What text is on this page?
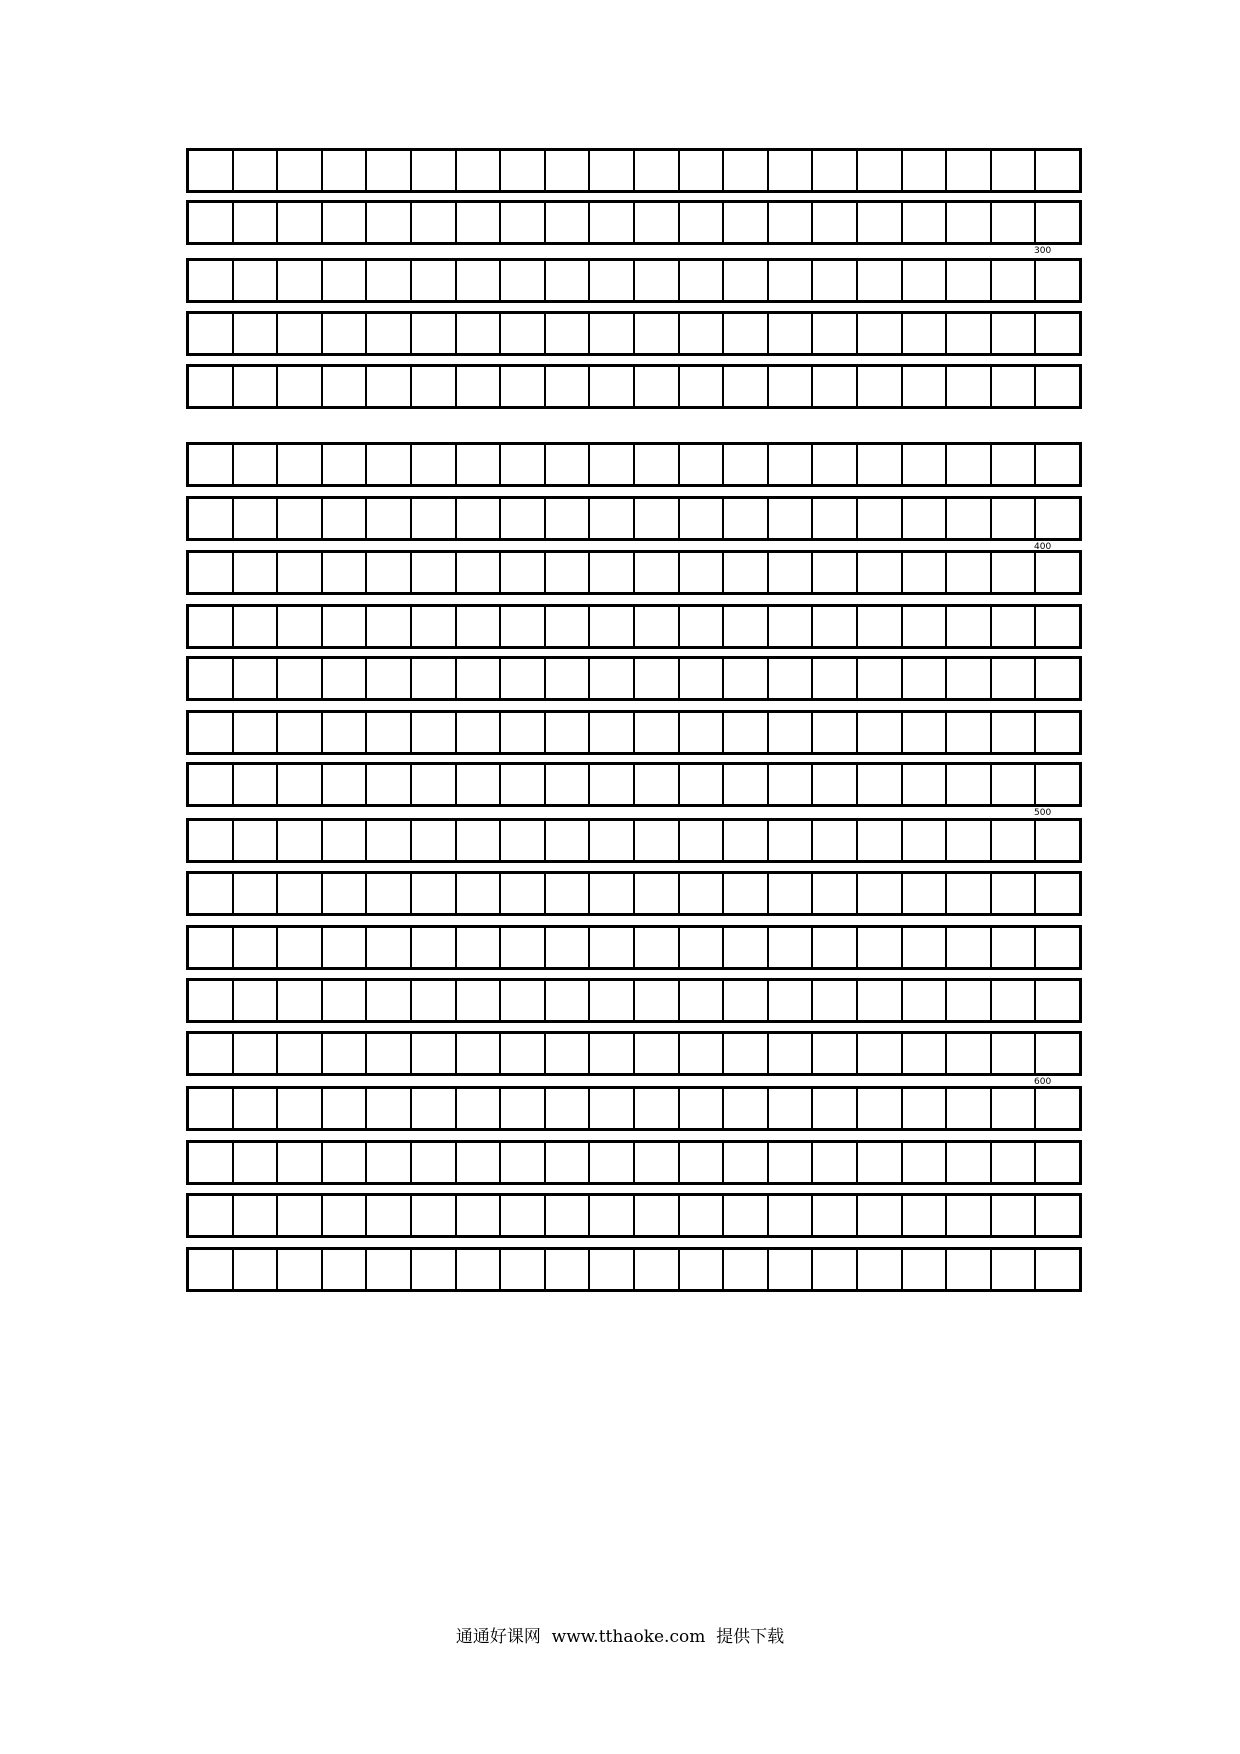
300
400
500
600
通通好课网  www.tthaoke.com  提供下载
